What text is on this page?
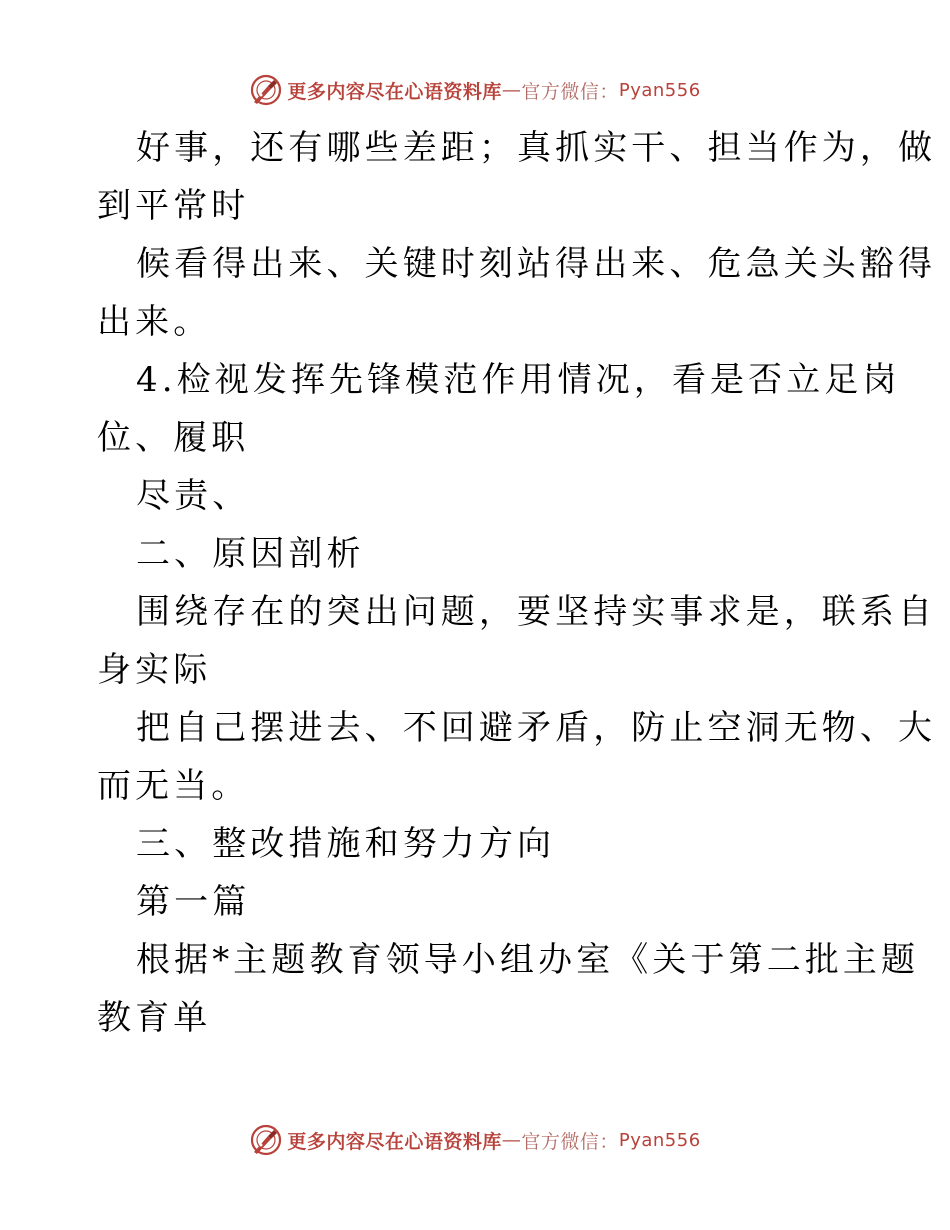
更多内容尽在心语资料库 — 官方微信： Pyan556
好事，还有哪些差距；真抓实干、担当作为，做
到平常时
候看得出来、关键时刻站得出来、危急关头豁得
出来。
4.检视发挥先锋模范作用情况，看是否立足岗
位、履职
尽责、
二、原因剖析
围绕存在的突出问题，要坚持实事求是，联系自
身实际
把自己摆进去、不回避矛盾，防止空洞无物、大
而无当。
三、整改措施和努力方向
第一篇
根据*主题教育领导小组办室《关于第二批主题
教育单
更多内容尽在心语资料库 — 官方微信： Pyan556
